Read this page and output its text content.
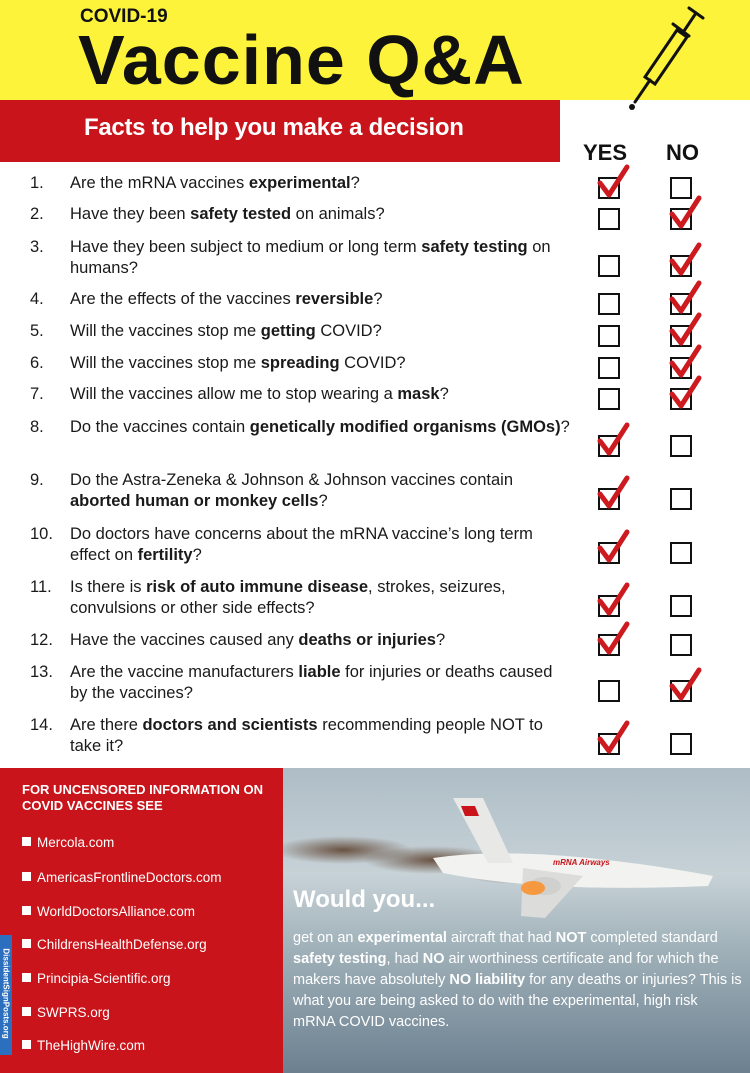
COVID-19
Vaccine Q&A
Facts to help you make a decision
YES NO
1.	Are the mRNA vaccines experimental?
2.	Have they been safety tested on animals?
3.	Have they been subject to medium or long term safety testing on humans?
4.	Are the effects of the vaccines reversible?
5.	Will the vaccines stop me getting COVID?
6.	Will the vaccines stop me spreading COVID?
7.	Will the vaccines allow me to stop wearing a mask?
8.	Do the vaccines contain genetically modified organisms (GMOs)?
9.	Do the Astra-Zeneka & Johnson & Johnson vaccines contain aborted human or monkey cells?
10.	Do doctors have concerns about the mRNA vaccine’s long term effect on fertility?
11.	Is there is risk of auto immune disease, strokes, seizures, convulsions or other side effects?
12.	Have the vaccines caused any deaths or injuries?
13.	Are the vaccine manufacturers liable for injuries or deaths caused by the vaccines?
14.	Are there doctors and scientists recommending people NOT to take it?
FOR UNCENSORED INFORMATION ON COVID VACCINES SEE
Mercola.com
AmericasFrontlineDoctors.com
WorldDoctorsAlliance.com
ChildrensHealthDefense.org
Principia-Scientific.org
SWPRS.org
TheHighWire.com
DissidentSignPosts.org
mRNA Airways
Would you...
get on an experimental aircraft that had NOT completed standard safety testing, had NO air worthiness certificate and for which the makers have absolutely NO liability for any deaths or injuries? This is what you are being asked to do with the experimental, high risk mRNA COVID vaccines.
